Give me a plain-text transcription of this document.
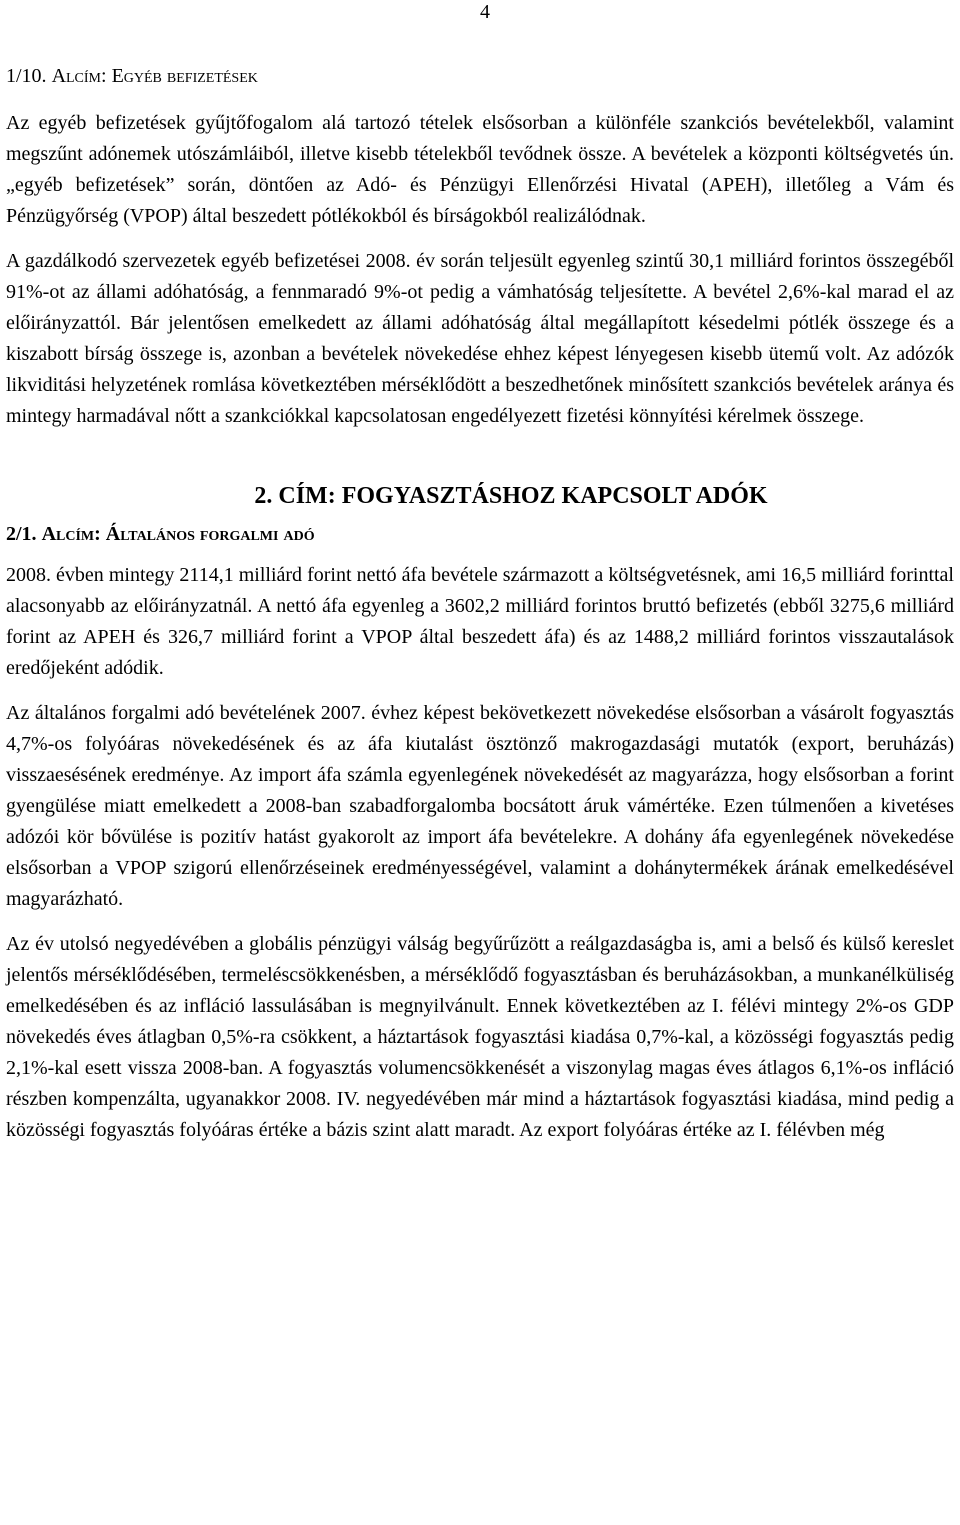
4
1/10. Alcím: Egyéb befizetések

Az egyéb befizetések gyűjtőfogalom alá tartozó tételek elsősorban a különféle szankciós bevételekből, valamint megszűnt adónemek utószámláiból, illetve kisebb tételekből tevődnek össze. A bevételek a központi költségvetés ún. „egyéb befizetések” során, döntően az Adó- és Pénzügyi Ellenőrzési Hivatal (APEH), illetőleg a Vám és Pénzügyőrség (VPOP) által beszedett pótlékokból és bírságokból realizálódnak.

A gazdálkodó szervezetek egyéb befizetései 2008. év során teljesült egyenleg szintű 30,1 milliárd forintos összegéből 91%-ot az állami adóhatóság, a fennmaradó 9%-ot pedig a vámhatóság teljesítette. A bevétel 2,6%-kal marad el az előirányzattól. Bár jelentősen emelkedett az állami adóhatóság által megállapított késedelmi pótlék összege és a kiszabott bírság összege is, azonban a bevételek növekedése ehhez képest lényegesen kisebb ütemű volt. Az adózók likviditási helyzetének romlása következtében mérséklődött a beszedhetőnek minősített szankciós bevételek aránya és mintegy harmadával nőtt a szankciókkal kapcsolatosan engedélyezett fizetési könnyítési kérelmek összege.

2. CÍM: FOGYASZTÁSHOZ KAPCSOLT ADÓK
2/1. Alcím: Általános forgalmi adó

2008. évben mintegy 2114,1 milliárd forint nettó áfa bevétele származott a költségvetésnek, ami 16,5 milliárd forinttal alacsonyabb az előirányzatnál. A nettó áfa egyenleg a 3602,2 milliárd forintos bruttó befizetés (ebből 3275,6 milliárd forint az APEH és 326,7 milliárd forint a VPOP által beszedett áfa) és az 1488,2 milliárd forintos visszautalások eredőjeként adódik.

Az általános forgalmi adó bevételének 2007. évhez képest bekövetkezett növekedése elsősorban a vásárolt fogyasztás 4,7%-os folyóáras növekedésének és az áfa kiutalást ösztönző makrogazdasági mutatók (export, beruházás) visszaesésének eredménye. Az import áfa számla egyenlegének növekedését az magyarázza, hogy elsősorban a forint gyengülése miatt emelkedett a 2008-ban szabadforgalomba bocsátott áruk vámértéke. Ezen túlmenően a kivetéses adózói kör bővülése is pozitív hatást gyakorolt az import áfa bevételekre. A dohány áfa egyenlegének növekedése elsősorban a VPOP szigorú ellenőrzéseinek eredményességével, valamint a dohánytermékek árának emelkedésével magyarázható.

Az év utolsó negyedévében a globális pénzügyi válság begyűrűzött a reálgazdaságba is, ami a belső és külső kereslet jelentős mérséklődésében, termeléscsökkenésben, a mérséklődő fogyasztásban és beruházásokban, a munkanélküliség emelkedésében és az infláció lassulásában is megnyilvánult. Ennek következtében az I. félévi mintegy 2%-os GDP növekedés éves átlagban 0,5%-ra csökkent, a háztartások fogyasztási kiadása 0,7%-kal, a közösségi fogyasztás pedig 2,1%-kal esett vissza 2008-ban. A fogyasztás volumencsökkenését a viszonylag magas éves átlagos 6,1%-os infláció részben kompenzálta, ugyanakkor 2008. IV. negyedévében már mind a háztartások fogyasztási kiadása, mind pedig a közösségi fogyasztás folyóáras értéke a bázis szint alatt maradt. Az export folyóáras értéke az I. félévben még
